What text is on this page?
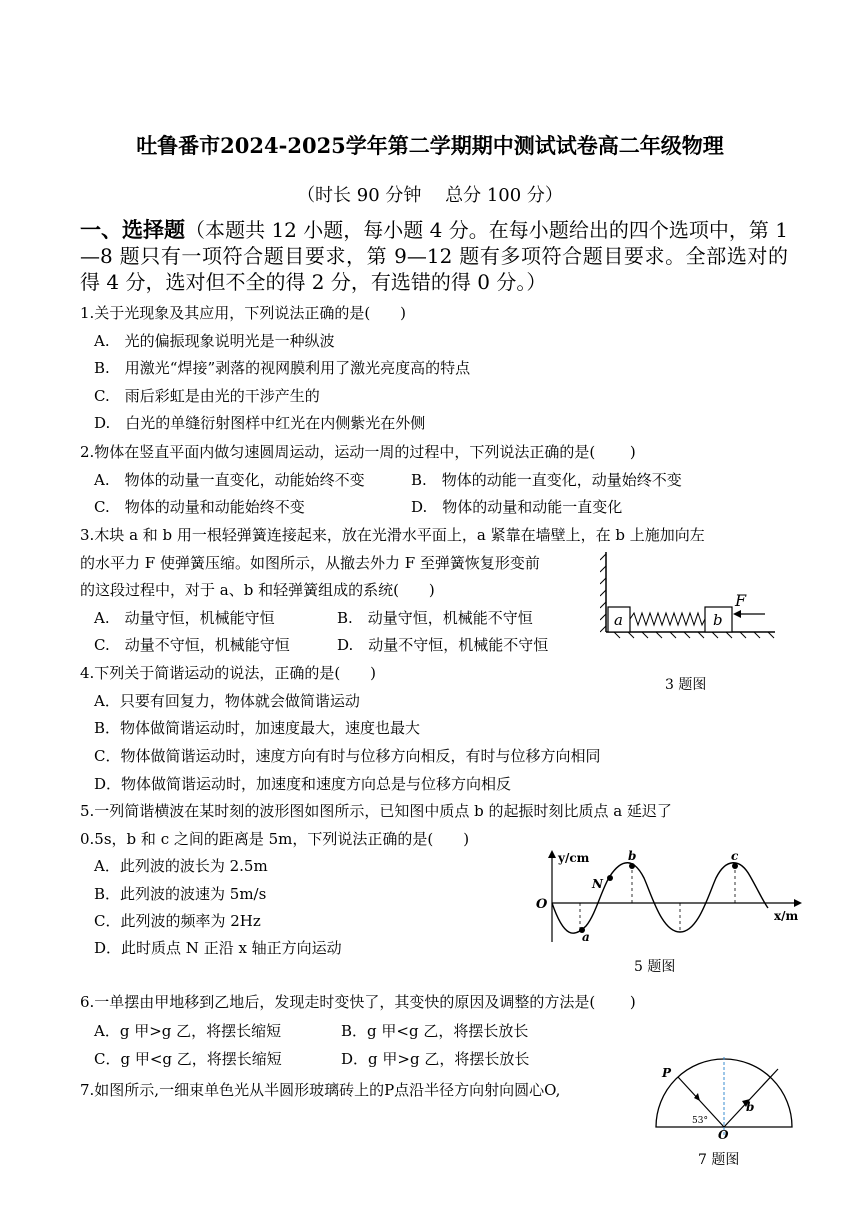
吐鲁番市2024-2025学年第二学期期中测试试卷高二年级物理
（时长 90 分钟　 总分 100 分）
一、选择题（本题共 12 小题，每小题 4 分。在每小题给出的四个选项中，第 1—8 题只有一项符合题目要求，第 9—12 题有多项符合题目要求。全部选对的得 4 分，选对但不全的得 2 分，有选错的得 0 分。）
1.关于光现象及其应用，下列说法正确的是(　　)
A.　光的偏振现象说明光是一种纵波
B.　用激光“焊接”剥落的视网膜利用了激光亮度高的特点
C.　雨后彩虹是由光的干涉产生的
D.　白光的单缝衍射图样中红光在内侧紫光在外侧
2.物体在竖直平面内做匀速圆周运动，运动一周的过程中，下列说法正确的是(　　 )
A.　物体的动量一直变化，动能始终不变	B.　物体的动能一直变化，动量始终不变
C.　物体的动量和动能始终不变	D.　物体的动量和动能一直变化
3.木块 a 和 b 用一根轻弹簧连接起来，放在光滑水平面上，a 紧靠在墙壁上，在 b 上施加向左
的水平力 F 使弹簧压缩。如图所示，从撤去外力 F 至弹簧恢复形变前
的这段过程中，对于 a、b 和轻弹簧组成的系统(　　)
A.　动量守恒，机械能守恒	B.　动量守恒，机械能不守恒
C.　动量不守恒，机械能守恒	D.　动量不守恒，机械能不守恒
a	b
F
3 题图
4.下列关于简谐运动的说法，正确的是(　　)
A．只要有回复力，物体就会做简谐运动
B．物体做简谐运动时，加速度最大，速度也最大
C．物体做简谐运动时，速度方向有时与位移方向相反，有时与位移方向相同
D．物体做简谐运动时，加速度和速度方向总是与位移方向相反
5.一列简谐横波在某时刻的波形图如图所示，已知图中质点 b 的起振时刻比质点 a 延迟了
0.5s，b 和 c 之间的距离是 5m，下列说法正确的是(　　)
A．此列波的波长为 2.5m
B．此列波的波速为 5m/s
C．此列波的频率为 2Hz
D．此时质点 N 正沿 x 轴正方向运动
y/cm
x/m
O
a
N
b	c
5 题图
6.一单摆由甲地移到乙地后，发现走时变快了，其变快的原因及调整的方法是(　　 )
A．g 甲>g 乙，将摆长缩短	B．g 甲<g 乙，将摆长放长
C．g 甲<g 乙，将摆长缩短	D．g 甲>g 乙，将摆长放长
7.如图所示,一细束单色光从半圆形玻璃砖上的P点沿半径方向射向圆心O,
P
O
b
53°
7 题图
